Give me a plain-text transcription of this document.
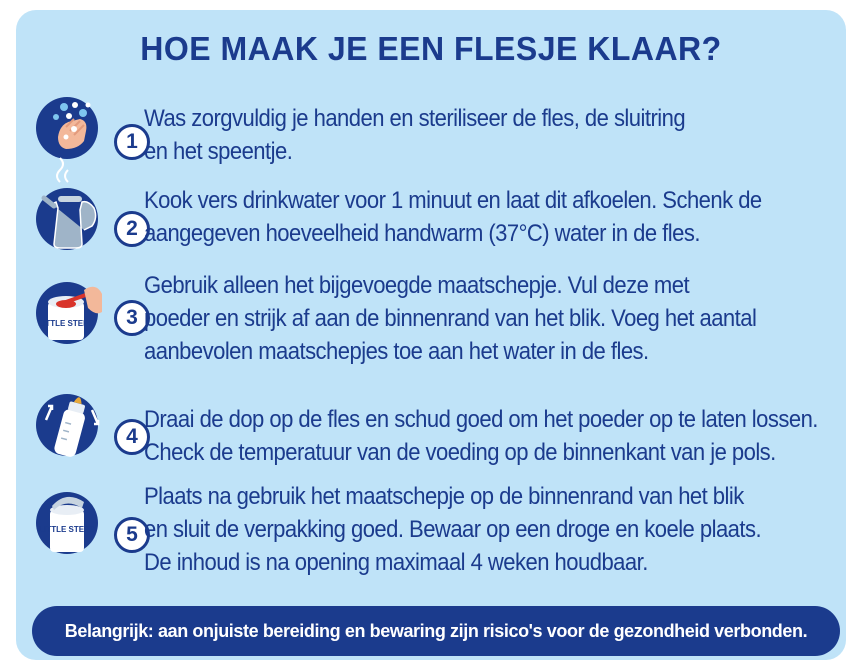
HOE MAAK JE EEN FLESJE KLAAR?
1
Was zorgvuldig je handen en steriliseer de fles, de sluitring
en het speentje.
2
Kook vers drinkwater voor 1 minuut en laat dit afkoelen. Schenk de
aangegeven hoeveelheid handwarm (37°C) water in de fles.
LITTLE STEPS	3
Gebruik alleen het bijgevoegde maatschepje. Vul deze met
poeder en strijk af aan de binnenrand van het blik. Voeg het aantal
aanbevolen maatschepjes toe aan het water in de fles.
4
Draai de dop op de fles en schud goed om het poeder op te laten lossen.
Check de temperatuur van de voeding op de binnenkant van je pols.
LITTLE STEPS	5
Plaats na gebruik het maatschepje op de binnenrand van het blik
en sluit de verpakking goed. Bewaar op een droge en koele plaats.
De inhoud is na opening maximaal 4 weken houdbaar.
Belangrijk: aan onjuiste bereiding en bewaring zijn risico's voor de gezondheid verbonden.
